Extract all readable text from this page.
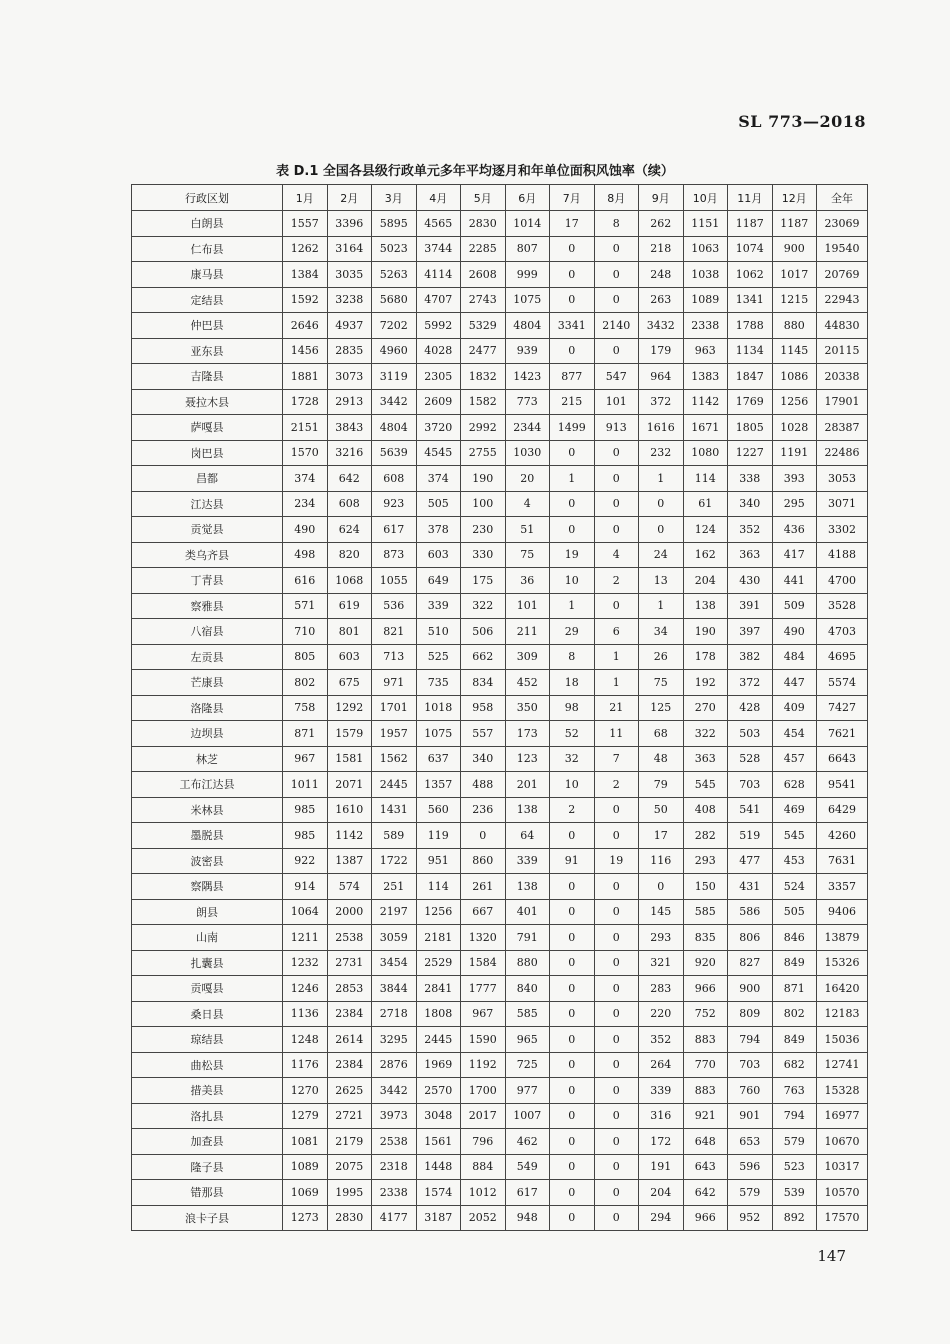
SL 773—2018
表 D.1 全国各县级行政单元多年平均逐月和年单位面积风蚀率（续）
行政区划	1月	2月	3月	4月	5月	6月	7月	8月	9月	10月	11月	12月	全年
白朗县	1557	3396	5895	4565	2830	1014	17	8	262	1151	1187	1187	23069
仁布县	1262	3164	5023	3744	2285	807	0	0	218	1063	1074	900	19540
康马县	1384	3035	5263	4114	2608	999	0	0	248	1038	1062	1017	20769
定结县	1592	3238	5680	4707	2743	1075	0	0	263	1089	1341	1215	22943
仲巴县	2646	4937	7202	5992	5329	4804	3341	2140	3432	2338	1788	880	44830
亚东县	1456	2835	4960	4028	2477	939	0	0	179	963	1134	1145	20115
吉隆县	1881	3073	3119	2305	1832	1423	877	547	964	1383	1847	1086	20338
聂拉木县	1728	2913	3442	2609	1582	773	215	101	372	1142	1769	1256	17901
萨嘎县	2151	3843	4804	3720	2992	2344	1499	913	1616	1671	1805	1028	28387
岗巴县	1570	3216	5639	4545	2755	1030	0	0	232	1080	1227	1191	22486
昌都	374	642	608	374	190	20	1	0	1	114	338	393	3053
江达县	234	608	923	505	100	4	0	0	0	61	340	295	3071
贡觉县	490	624	617	378	230	51	0	0	0	124	352	436	3302
类乌齐县	498	820	873	603	330	75	19	4	24	162	363	417	4188
丁青县	616	1068	1055	649	175	36	10	2	13	204	430	441	4700
察雅县	571	619	536	339	322	101	1	0	1	138	391	509	3528
八宿县	710	801	821	510	506	211	29	6	34	190	397	490	4703
左贡县	805	603	713	525	662	309	8	1	26	178	382	484	4695
芒康县	802	675	971	735	834	452	18	1	75	192	372	447	5574
洛隆县	758	1292	1701	1018	958	350	98	21	125	270	428	409	7427
边坝县	871	1579	1957	1075	557	173	52	11	68	322	503	454	7621
林芝	967	1581	1562	637	340	123	32	7	48	363	528	457	6643
工布江达县	1011	2071	2445	1357	488	201	10	2	79	545	703	628	9541
米林县	985	1610	1431	560	236	138	2	0	50	408	541	469	6429
墨脱县	985	1142	589	119	0	64	0	0	17	282	519	545	4260
波密县	922	1387	1722	951	860	339	91	19	116	293	477	453	7631
察隅县	914	574	251	114	261	138	0	0	0	150	431	524	3357
朗县	1064	2000	2197	1256	667	401	0	0	145	585	586	505	9406
山南	1211	2538	3059	2181	1320	791	0	0	293	835	806	846	13879
扎囊县	1232	2731	3454	2529	1584	880	0	0	321	920	827	849	15326
贡嘎县	1246	2853	3844	2841	1777	840	0	0	283	966	900	871	16420
桑日县	1136	2384	2718	1808	967	585	0	0	220	752	809	802	12183
琼结县	1248	2614	3295	2445	1590	965	0	0	352	883	794	849	15036
曲松县	1176	2384	2876	1969	1192	725	0	0	264	770	703	682	12741
措美县	1270	2625	3442	2570	1700	977	0	0	339	883	760	763	15328
洛扎县	1279	2721	3973	3048	2017	1007	0	0	316	921	901	794	16977
加查县	1081	2179	2538	1561	796	462	0	0	172	648	653	579	10670
隆子县	1089	2075	2318	1448	884	549	0	0	191	643	596	523	10317
错那县	1069	1995	2338	1574	1012	617	0	0	204	642	579	539	10570
浪卡子县	1273	2830	4177	3187	2052	948	0	0	294	966	952	892	17570
147
